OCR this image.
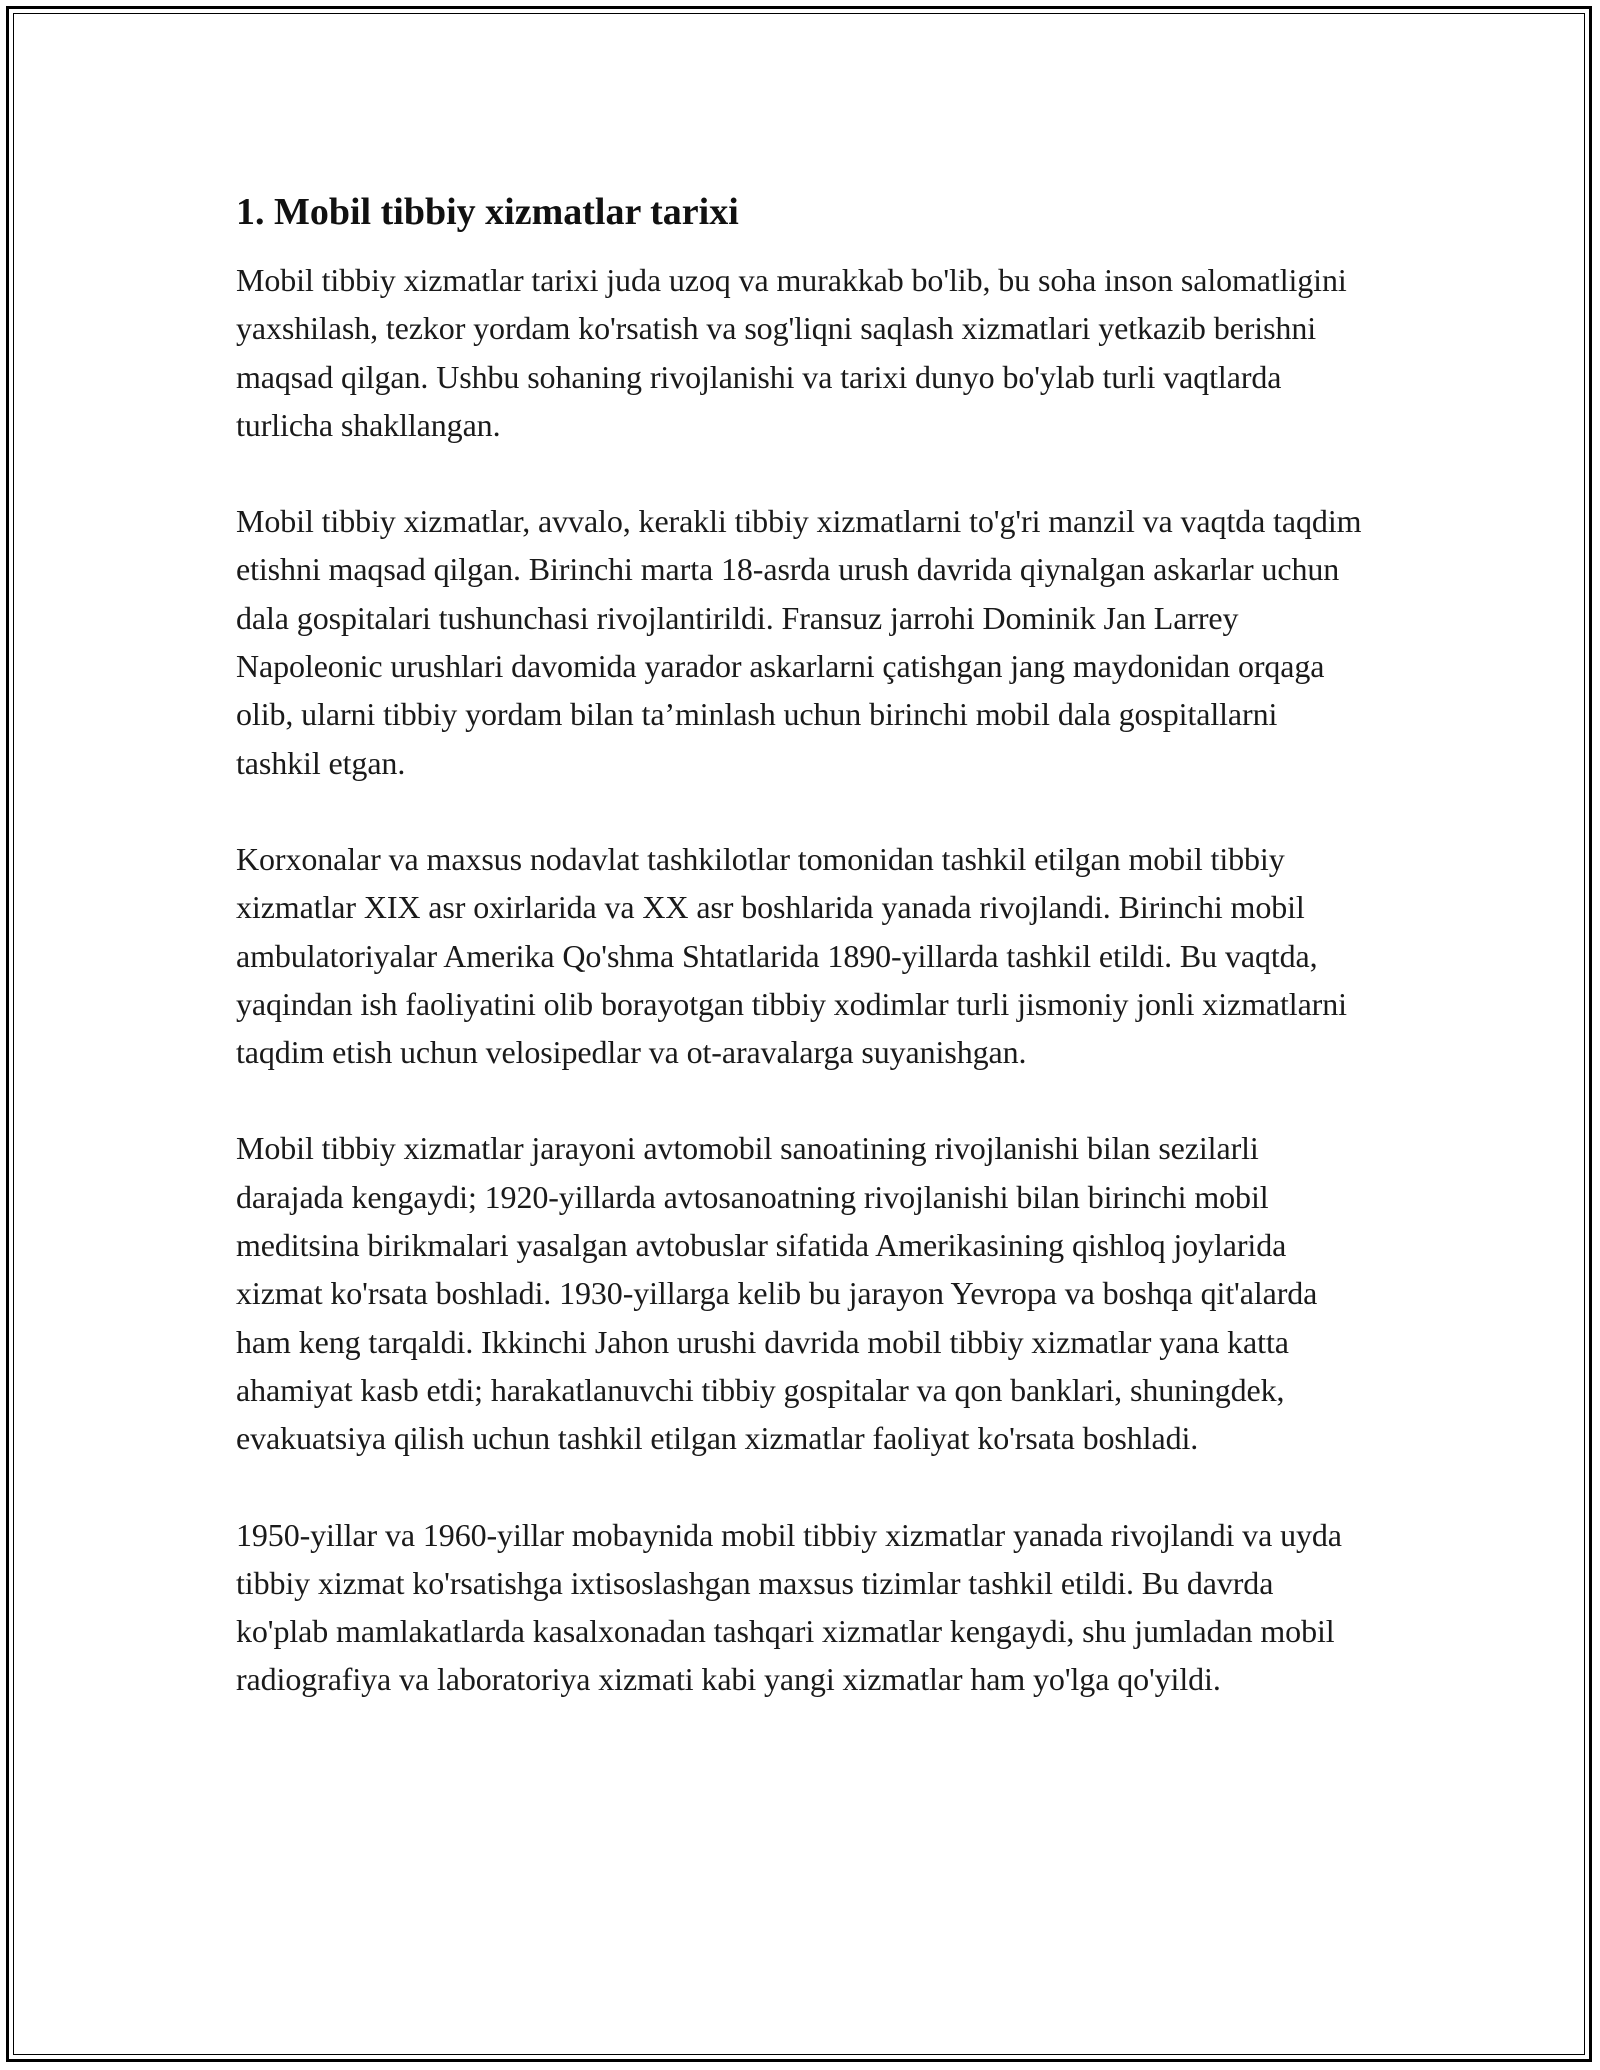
1. Mobil tibbiy xizmatlar tarixi

Mobil tibbiy xizmatlar tarixi juda uzoq va murakkab bo'lib, bu soha inson salomatligini yaxshilash, tezkor yordam ko'rsatish va sog'liqni saqlash xizmatlari yetkazib berishni maqsad qilgan. Ushbu sohaning rivojlanishi va tarixi dunyo bo'ylab turli vaqtlarda turlicha shakllangan.

Mobil tibbiy xizmatlar, avvalo, kerakli tibbiy xizmatlarni to'g'ri manzil va vaqtda taqdim etishni maqsad qilgan. Birinchi marta 18-asrda urush davrida qiynalgan askarlar uchun dala gospitalari tushunchasi rivojlantirildi. Fransuz jarrohi Dominik Jan Larrey Napoleonic urushlari davomida yarador askarlarni çatishgan jang maydonidan orqaga olib, ularni tibbiy yordam bilan ta’minlash uchun birinchi mobil dala gospitallarni tashkil etgan.

Korxonalar va maxsus nodavlat tashkilotlar tomonidan tashkil etilgan mobil tibbiy xizmatlar XIX asr oxirlarida va XX asr boshlarida yanada rivojlandi. Birinchi mobil ambulatoriyalar Amerika Qo'shma Shtatlarida 1890-yillarda tashkil etildi. Bu vaqtda, yaqindan ish faoliyatini olib borayotgan tibbiy xodimlar turli jismoniy jonli xizmatlarni taqdim etish uchun velosipedlar va ot-aravalarga suyanishgan.

Mobil tibbiy xizmatlar jarayoni avtomobil sanoatining rivojlanishi bilan sezilarli darajada kengaydi; 1920-yillarda avtosanoatning rivojlanishi bilan birinchi mobil meditsina birikmalari yasalgan avtobuslar sifatida Amerikasining qishloq joylarida xizmat ko'rsata boshladi. 1930-yillarga kelib bu jarayon Yevropa va boshqa qit'alarda ham keng tarqaldi. Ikkinchi Jahon urushi davrida mobil tibbiy xizmatlar yana katta ahamiyat kasb etdi; harakatlanuvchi tibbiy gospitalar va qon banklari, shuningdek, evakuatsiya qilish uchun tashkil etilgan xizmatlar faoliyat ko'rsata boshladi.

1950-yillar va 1960-yillar mobaynida mobil tibbiy xizmatlar yanada rivojlandi va uyda tibbiy xizmat ko'rsatishga ixtisoslashgan maxsus tizimlar tashkil etildi. Bu davrda ko'plab mamlakatlarda kasalxonadan tashqari xizmatlar kengaydi, shu jumladan mobil radiografiya va laboratoriya xizmati kabi yangi xizmatlar ham yo'lga qo'yildi.
